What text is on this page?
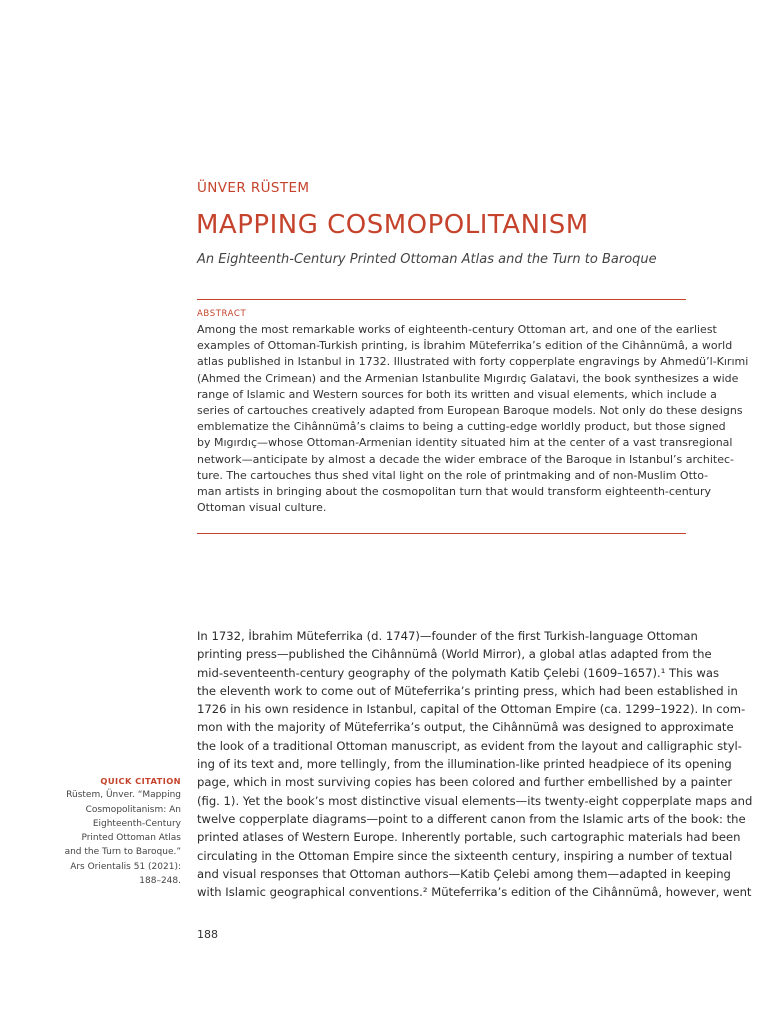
ÜNVER RÜSTEM
MAPPING COSMOPOLITANISM
An Eighteenth-Century Printed Ottoman Atlas and the Turn to Baroque
ABSTRACT
Among the most remarkable works of eighteenth-century Ottoman art, and one of the earliest
examples of Ottoman-Turkish printing, is İbrahim Müteferrika’s edition of the Cihânnümâ, a world
atlas published in Istanbul in 1732. Illustrated with forty copperplate engravings by Ahmedü’l-Kırımi
(Ahmed the Crimean) and the Armenian Istanbulite Mıgırdıç Galatavi, the book synthesizes a wide
range of Islamic and Western sources for both its written and visual elements, which include a
series of cartouches creatively adapted from European Baroque models. Not only do these designs
emblematize the Cihânnümâ’s claims to being a cutting-edge worldly product, but those signed
by Mıgırdıç—whose Ottoman-Armenian identity situated him at the center of a vast transregional
network—anticipate by almost a decade the wider embrace of the Baroque in Istanbul’s architec-
ture. The cartouches thus shed vital light on the role of printmaking and of non-Muslim Otto-
man artists in bringing about the cosmopolitan turn that would transform eighteenth-century
Ottoman visual culture.
QUICK CITATION
Rüstem, Ünver. “Mapping
Cosmopolitanism: An
Eighteenth-Century
Printed Ottoman Atlas
and the Turn to Baroque.”
Ars Orientalis 51 (2021):
188–248.
In 1732, İbrahim Müteferrika (d. 1747)—founder of the first Turkish-language Ottoman
printing press—published the Cihânnümâ (World Mirror), a global atlas adapted from the
mid-seventeenth-century geography of the polymath Katib Çelebi (1609–1657).¹ This was
the eleventh work to come out of Müteferrika’s printing press, which had been established in
1726 in his own residence in Istanbul, capital of the Ottoman Empire (ca. 1299–1922). In com-
mon with the majority of Müteferrika’s output, the Cihânnümâ was designed to approximate
the look of a traditional Ottoman manuscript, as evident from the layout and calligraphic styl-
ing of its text and, more tellingly, from the illumination-like printed headpiece of its opening
page, which in most surviving copies has been colored and further embellished by a painter
(fig. 1). Yet the book’s most distinctive visual elements—its twenty-eight copperplate maps and
twelve copperplate diagrams—point to a different canon from the Islamic arts of the book: the
printed atlases of Western Europe. Inherently portable, such cartographic materials had been
circulating in the Ottoman Empire since the sixteenth century, inspiring a number of textual
and visual responses that Ottoman authors—Katib Çelebi among them—adapted in keeping
with Islamic geographical conventions.² Müteferrika’s edition of the Cihânnümâ, however, went
188
